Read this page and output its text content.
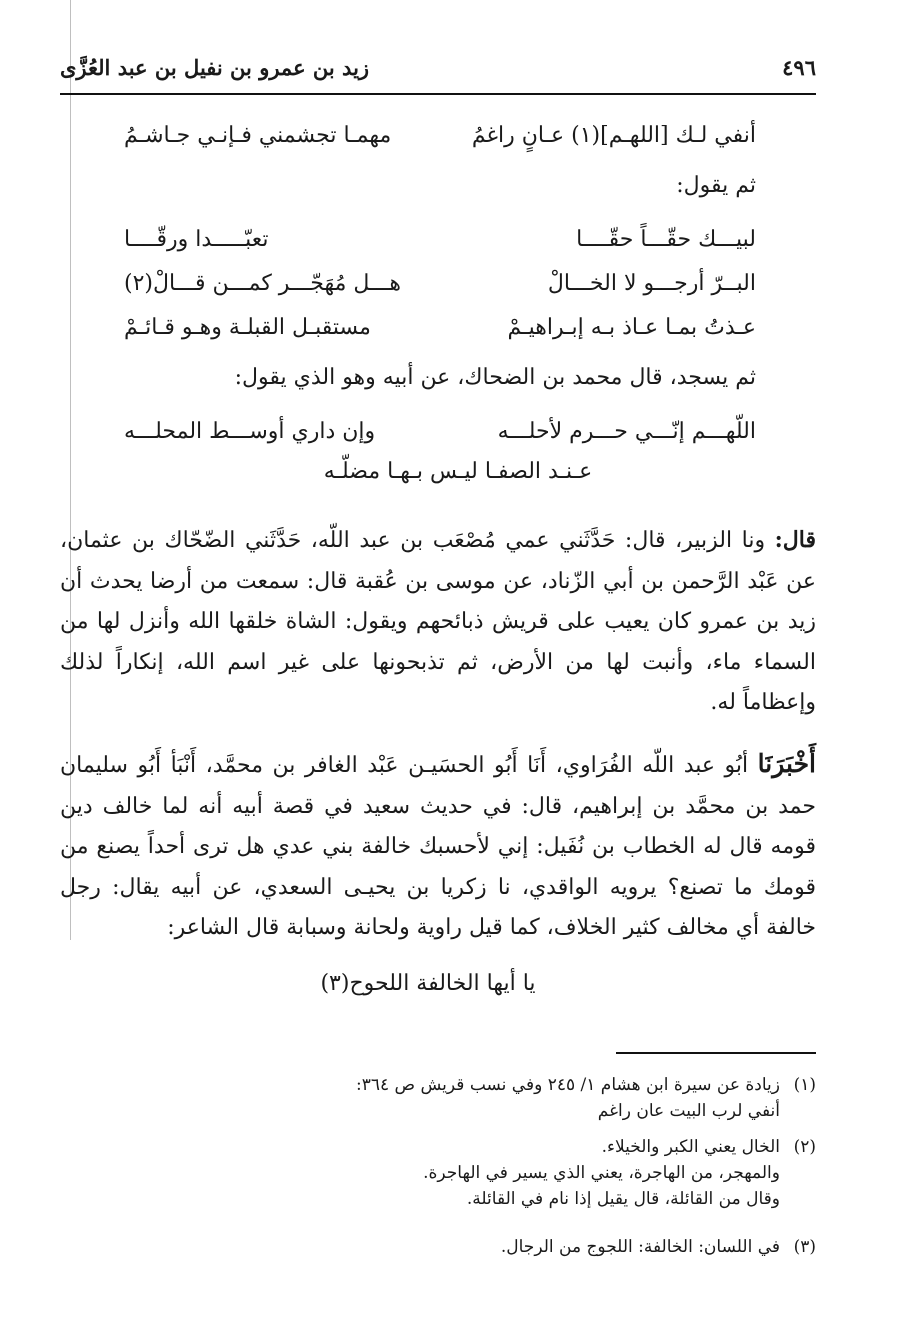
٤٩٦
زيد بن عمرو بن نفيل بن عبد العُزَّى
أنفي لـك [اللهـم](١) عـانٍ راغمُ
مهمـا تجشمني فـإنـي جـاشـمُ
ثم يقول:
لبيـــك حقّـــاً حقّــــا
تعبّـــــدا ورقّــــا
البــرّ أرجـــو لا الخـــالْ
هـــل مُهَجّـــر كمـــن قـــالْ(٢)
عـذتُ بمـا عـاذ بـه إبـراهيـمْ
مستقبـل القبلـة وهـو قـائـمْ
ثم يسجد، قال محمد بن الضحاك، عن أبيه وهو الذي يقول:
اللّهـــم إنّـــي حـــرم لأحلـــه
وإن داري أوســـط المحلـــه
عـنـد الصفـا ليـس بـهـا مضلّـه
قال: ونا الزبير، قال: حَدَّثَني عمي مُصْعَب بن عبد اللّه، حَدَّثَني الضّحّاك بن عثمان، عن عَبْد الرَّحمن بن أبي الزّناد، عن موسى بن عُقبة قال: سمعت من أرضا يحدث أن زيد بن عمرو كان يعيب على قريش ذبائحهم ويقول: الشاة خلقها الله وأنزل لها من السماء ماء، وأنبت لها من الأرض، ثم تذبحونها على غير اسم الله، إنكاراً لذلك وإعظاماً له.
أَخْبَرَنَا أبُو عبد اللّه الفُرَاوي، أَنَا أَبُو الحسَيـن عَبْد الغافر بن محمَّد، أَنْبَأ أَبُو سليمان حمد بن محمَّد بن إبراهيم، قال: في حديث سعيد في قصة أبيه أنه لما خالف دين قومه قال له الخطاب بن نُفَيل: إني لأحسبك خالفة بني عدي هل ترى أحداً يصنع من قومك ما تصنع؟ يرويه الواقدي، نا زكريا بن يحيـى السعدي، عن أبيه يقال: رجل خالفة أي مخالف كثير الخلاف، كما قيل راوية ولحانة وسبابة قال الشاعر:
يا أيها الخالفة اللحوح(٣)
(١)زيادة عن سيرة ابن هشام ١/ ٢٤٥ وفي نسب قريش ص ٣٦٤:
أنفي لرب البيت عان راغم
(٢)الخال يعني الكبر والخيلاء.
والمهجر، من الهاجرة، يعني الذي يسير في الهاجرة.
وقال من القائلة، قال يقيل إذا نام في القائلة.
(٣)في اللسان: الخالفة: اللجوج من الرجال.
